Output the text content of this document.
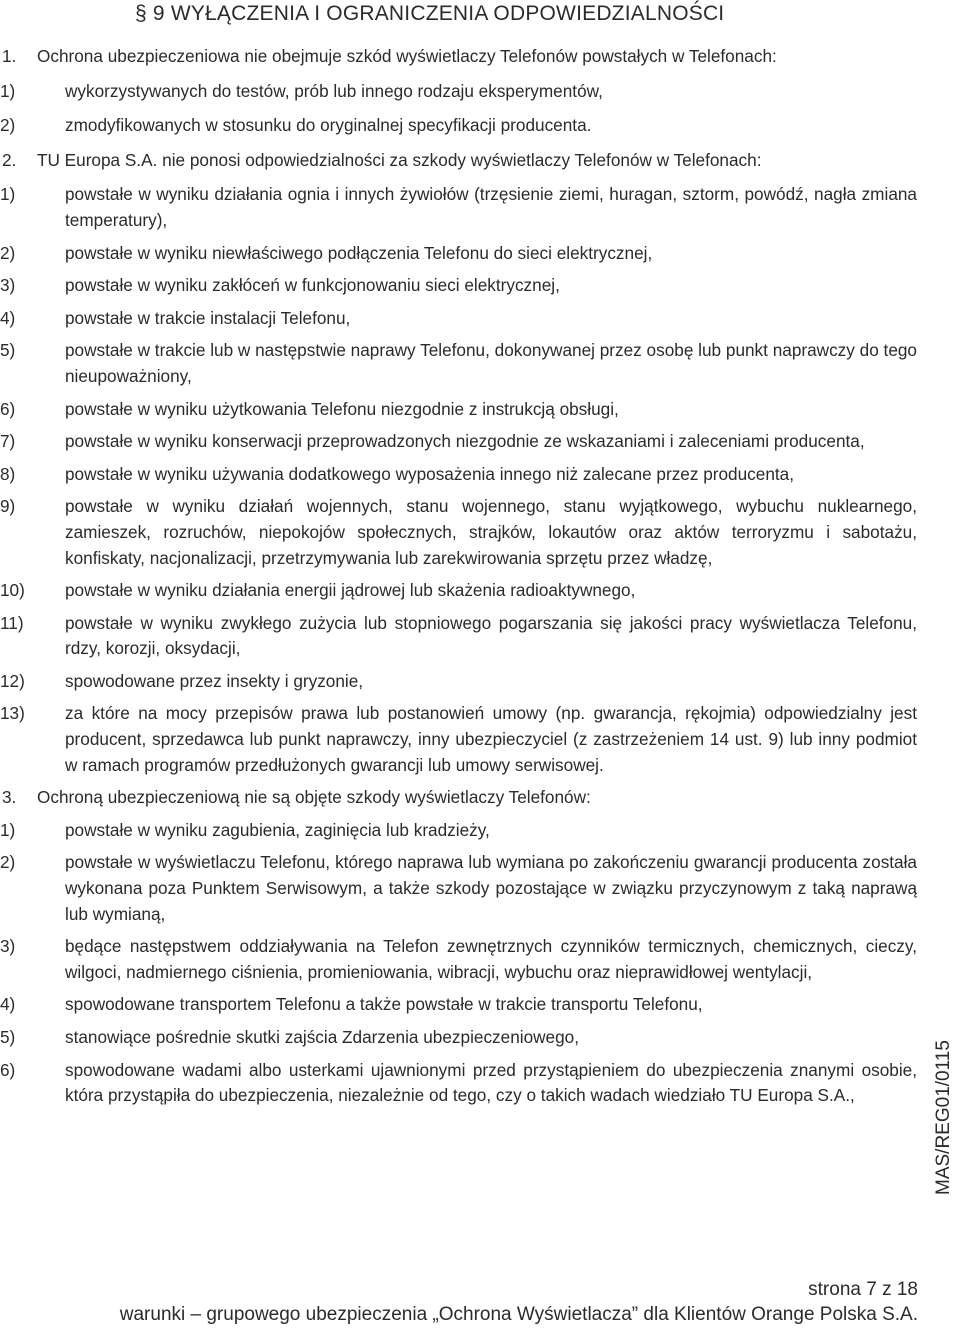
§ 9 WYŁĄCZENIA I OGRANICZENIA ODPOWIEDZIALNOŚCI
1. Ochrona ubezpieczeniowa nie obejmuje szkód wyświetlaczy Telefonów powstałych w Telefonach:
1)	wykorzystywanych do testów, prób lub innego rodzaju eksperymentów,
2)	zmodyfikowanych w stosunku do oryginalnej specyfikacji producenta.
2. TU Europa S.A. nie ponosi odpowiedzialności za szkody wyświetlaczy Telefonów w Telefonach:
1)	powstałe w wyniku działania ognia i innych żywiołów (trzęsienie ziemi, huragan, sztorm, powódź, nagła zmiana temperatury),
2)	powstałe w wyniku niewłaściwego podłączenia Telefonu do sieci elektrycznej,
3)	powstałe w wyniku zakłóceń w funkcjonowaniu sieci elektrycznej,
4)	powstałe w trakcie instalacji Telefonu,
5)	powstałe w trakcie lub w następstwie naprawy Telefonu, dokonywanej przez osobę lub punkt naprawczy do tego nieupoważniony,
6)	powstałe w wyniku użytkowania Telefonu niezgodnie z instrukcją obsługi,
7)	powstałe w wyniku konserwacji przeprowadzonych niezgodnie ze wskazaniami i zaleceniami producenta,
8)	powstałe w wyniku używania dodatkowego wyposażenia innego niż zalecane przez producenta,
9)	powstałe w wyniku działań wojennych, stanu wojennego, stanu wyjątkowego, wybuchu nuklearnego, zamieszek, rozruchów, niepokojów społecznych, strajków, lokautów oraz aktów terroryzmu i sabotażu, konfiskaty, nacjonalizacji, przetrzymywania lub zarekwirowania sprzętu przez władzę,
10)	powstałe w wyniku działania energii jądrowej lub skażenia radioaktywnego,
11)	powstałe w wyniku zwykłego zużycia lub stopniowego pogarszania się jakości pracy wyświetlacza Telefonu, rdzy, korozji, oksydacji,
12)	spowodowane przez insekty i gryzonie,
13)	za które na mocy przepisów prawa lub postanowień umowy (np. gwarancja, rękojmia) odpowiedzialny jest producent, sprzedawca lub punkt naprawczy, inny ubezpieczyciel (z zastrzeżeniem 14 ust. 9) lub inny podmiot w ramach programów przedłużonych gwarancji lub umowy serwisowej.
3. Ochroną ubezpieczeniową nie są objęte szkody wyświetlaczy Telefonów:
1)	powstałe w wyniku zagubienia, zaginięcia lub kradzieży,
2)	powstałe w wyświetlaczu Telefonu, którego naprawa lub wymiana po zakończeniu gwarancji producenta została wykonana poza Punktem Serwisowym, a także szkody pozostające w związku przyczynowym z taką naprawą lub wymianą,
3)	będące następstwem oddziaływania na Telefon zewnętrznych czynników termicznych, chemicznych, cieczy, wilgoci, nadmiernego ciśnienia, promieniowania, wibracji, wybuchu oraz nieprawidłowej wentylacji,
4)	spowodowane transportem Telefonu a także powstałe w trakcie transportu Telefonu,
5)	stanowiące pośrednie skutki zajścia Zdarzenia ubezpieczeniowego,
6)	spowodowane wadami albo usterkami ujawnionymi przed przystąpieniem do ubezpieczenia znanymi osobie, która przystąpiła do ubezpieczenia, niezależnie od tego, czy o takich wadach wiedziało TU Europa S.A.,	MAS/REG01/0115
strona 7 z 18
warunki – grupowego ubezpieczenia „Ochrona Wyświetlacza” dla Klientów Orange Polska S.A.
